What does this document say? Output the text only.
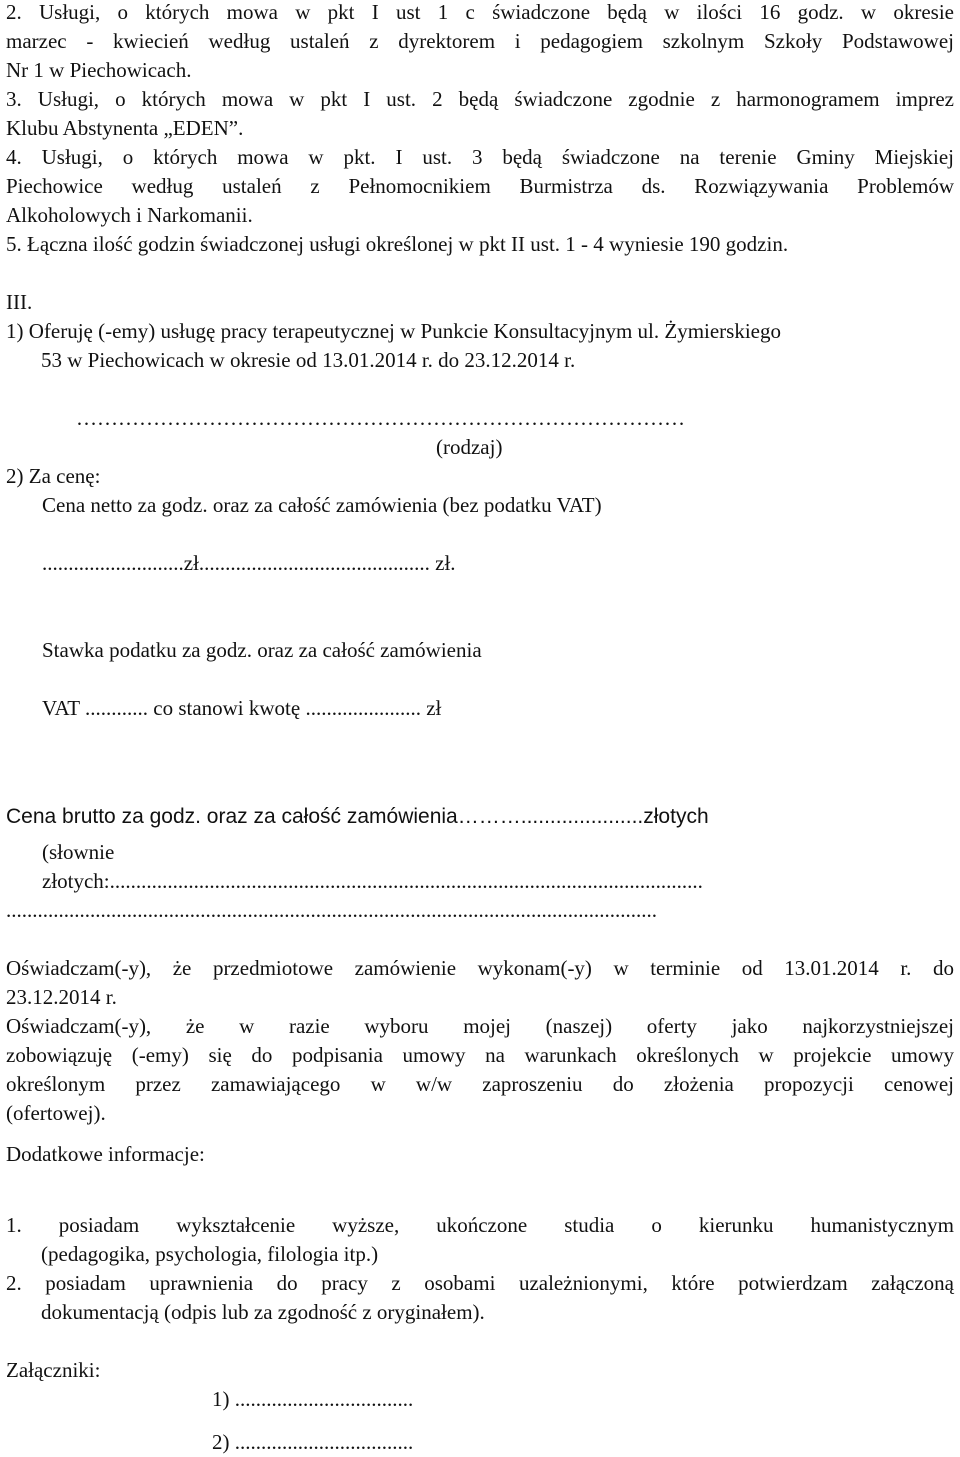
2. Usługi, o których mowa w pkt I ust 1 c świadczone będą w ilości 16 godz. w okresie
marzec - kwiecień według ustaleń z dyrektorem i pedagogiem szkolnym Szkoły Podstawowej
Nr 1 w Piechowicach.
3. Usługi, o których mowa w pkt I ust. 2 będą świadczone zgodnie z harmonogramem imprez
Klubu Abstynenta „EDEN”.
4. Usługi, o których mowa w pkt. I ust. 3 będą świadczone na terenie Gminy Miejskiej
Piechowice według ustaleń z Pełnomocnikiem Burmistrza ds. Rozwiązywania Problemów
Alkoholowych i Narkomanii.
5. Łączna ilość godzin świadczonej usługi określonej w pkt II ust. 1 - 4 wyniesie 190 godzin.
III.
1) Oferuję (-emy) usługę pracy terapeutycznej w Punkcie Konsultacyjnym ul. Żymierskiego
53 w Piechowicach w okresie od 13.01.2014 r. do 23.12.2014 r.
……………………………………………………………………………
(rodzaj)
2) Za cenę:
Cena netto za godz. oraz za całość zamówienia (bez podatku VAT)
...........................zł............................................ zł.
Stawka podatku za godz. oraz za całość zamówienia
VAT ............ co stanowi kwotę ...................... zł
Cena brutto za godz. oraz za całość zamówienia……….....................złotych
(słownie
złotych:.................................................................................................................
............................................................................................................................
Oświadczam(-y), że przedmiotowe zamówienie wykonam(-y) w terminie od 13.01.2014 r. do
23.12.2014 r.
Oświadczam(-y), że w razie wyboru mojej (naszej) oferty jako najkorzystniejszej
zobowiązuję (-emy) się do podpisania umowy na warunkach określonych w projekcie umowy
określonym przez zamawiającego w w/w zaproszeniu do złożenia propozycji cenowej
(ofertowej).
Dodatkowe informacje:
1. posiadam wykształcenie wyższe, ukończone studia o kierunku humanistycznym
(pedagogika, psychologia, filologia itp.)
2. posiadam uprawnienia do pracy z osobami uzależnionymi, które potwierdzam załączoną
dokumentacją (odpis lub za zgodność z oryginałem).
Załączniki:
1) ..................................
2) ..................................
